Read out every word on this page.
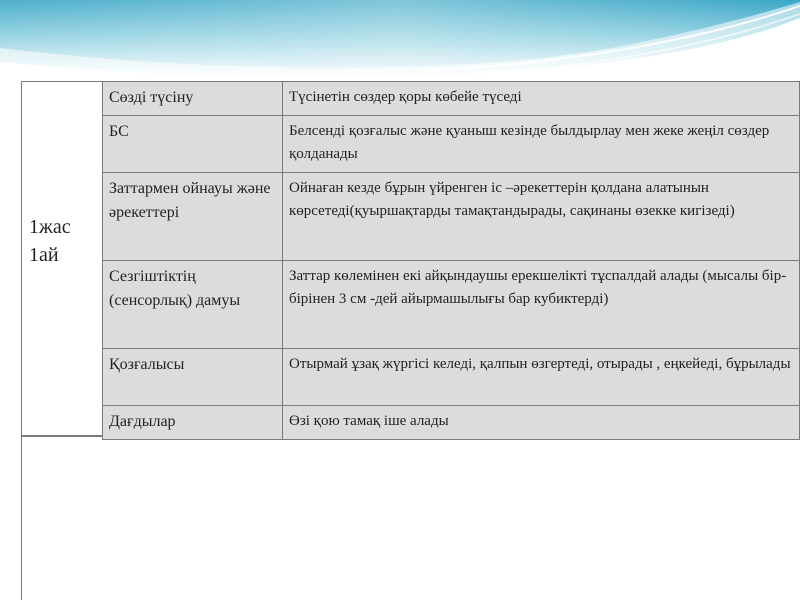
1жас
1ай
Сөзді түсіну	Түсінетін сөздер қоры көбейе түседі
БС	Белсенді қозғалыс және қуаныш кезінде былдырлау мен жеке жеңіл сөздер қолданады
Заттармен ойнауы және әрекеттері	Ойнаған кезде бұрын үйренген іс –әрекеттерін қолдана алатынын көрсетеді(қуыршақтарды тамақтандырады, сақинаны өзекке кигізеді)
Сезгіштіктің (сенсорлық) дамуы	Заттар көлемінен екі айқындаушы ерекшелікті тұспалдай алады (мысалы бір-бірінен 3 см -дей айырмашылығы бар кубиктерді)
Қозғалысы	Отырмай ұзақ жүргісі келеді, қалпын өзгертеді, отырады , еңкейеді, бұрылады
Дағдылар	Өзі қою тамақ іше алады
